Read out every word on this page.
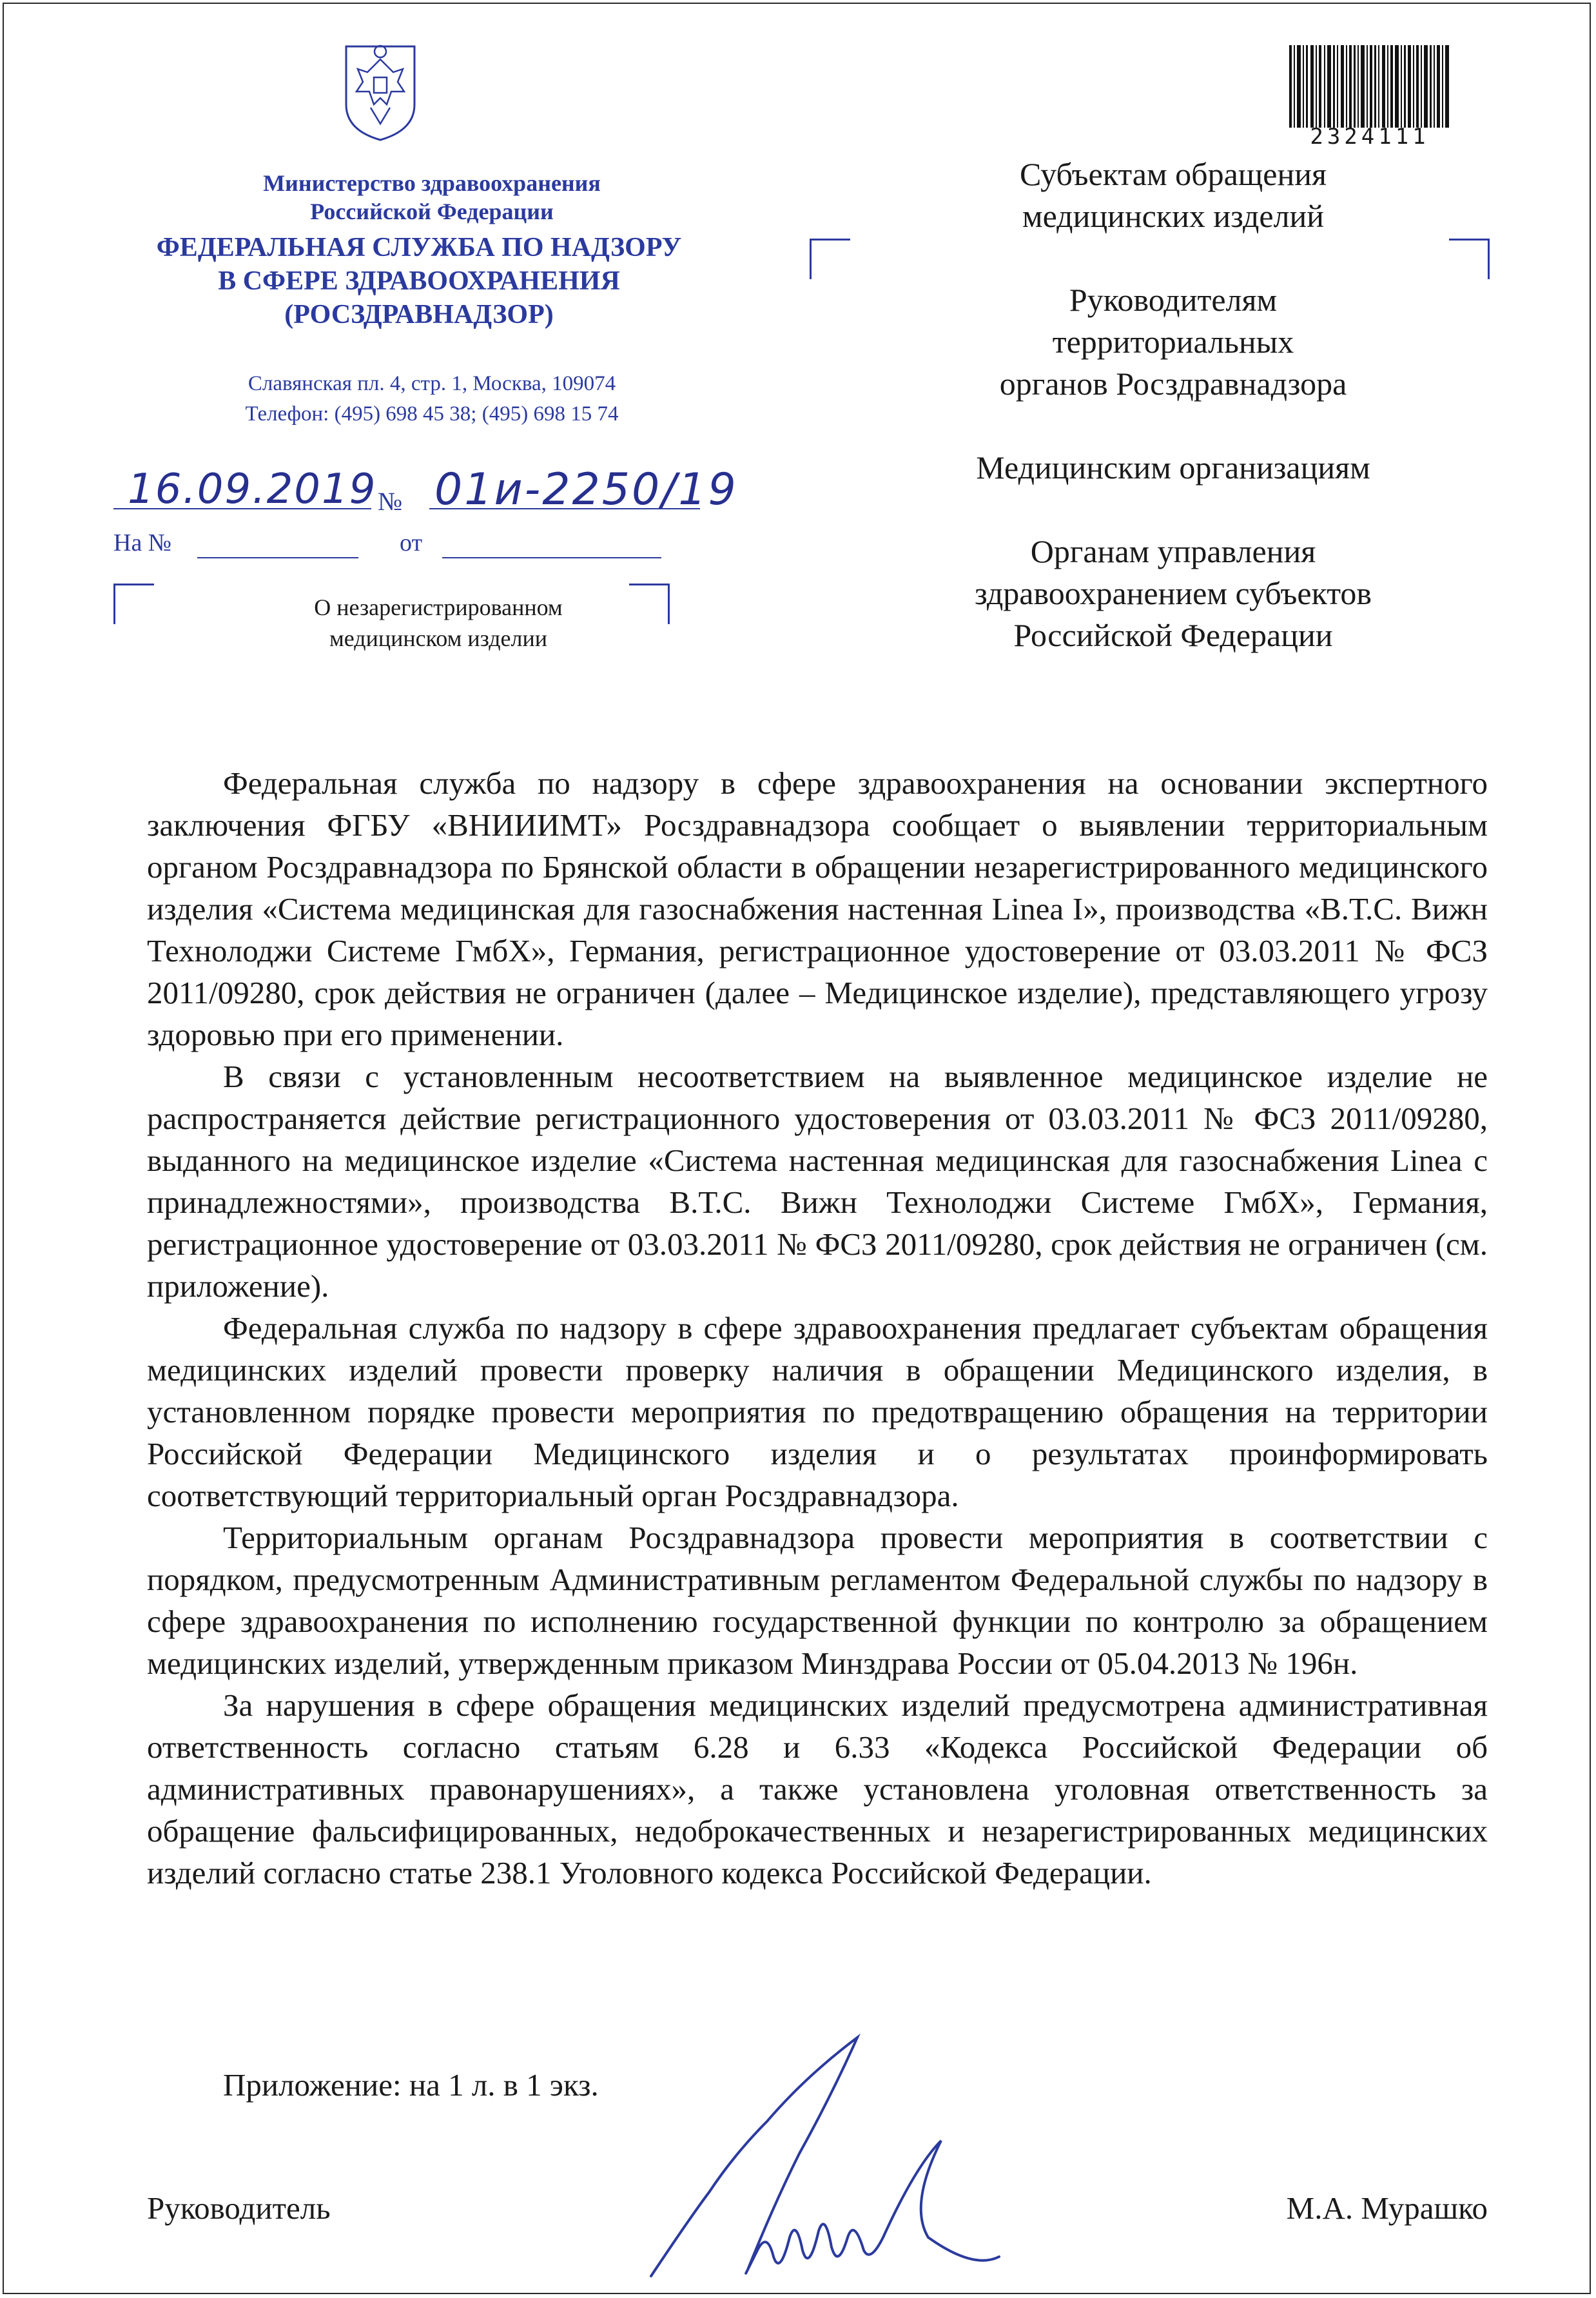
Министерство здравоохранения
Российской Федерации
ФЕДЕРАЛЬНАЯ СЛУЖБА ПО НАДЗОРУ
В СФЕРЕ ЗДРАВООХРАНЕНИЯ
(РОСЗДРАВНАДЗОР)
Славянская пл. 4, стр. 1, Москва, 109074
Телефон: (495) 698 45 38; (495) 698 15 74
16.09.2019 № 01и-2250/19
На №	от
О незарегистрированном
медицинском изделии
2324111
Субъектам обращения
медицинских изделий
Руководителям
территориальных
органов Росздравнадзора
Медицинским организациям
Органам управления
здравоохранением субъектов
Российской Федерации

Федеральная служба по надзору в сфере здравоохранения на основании экспертного заключения ФГБУ «ВНИИИМТ» Росздравнадзора сообщает о выявлении территориальным органом Росздравнадзора по Брянской области в обращении незарегистрированного медицинского изделия «Система медицинская для газоснабжения настенная Linea I», производства «В.Т.С. Вижн Технолоджи Системе ГмбХ», Германия, регистрационное удостоверение от 03.03.2011 № ФСЗ 2011/09280, срок действия не ограничен (далее – Медицинское изделие), представляющего угрозу здоровью при его применении.

В связи с установленным несоответствием на выявленное медицинское изделие не распространяется действие регистрационного удостоверения от 03.03.2011 № ФСЗ 2011/09280, выданного на медицинское изделие «Система настенная медицинская для газоснабжения Linea с принадлежностями», производства В.Т.С. Вижн Технолоджи Системе ГмбХ», Германия, регистрационное удостоверение от 03.03.2011 № ФСЗ 2011/09280, срок действия не ограничен (см. приложение).

Федеральная служба по надзору в сфере здравоохранения предлагает субъектам обращения медицинских изделий провести проверку наличия в обращении Медицинского изделия, в установленном порядке провести мероприятия по предотвращению обращения на территории Российской Федерации Медицинского изделия и о результатах проинформировать соответствующий территориальный орган Росздравнадзора.

Территориальным органам Росздравнадзора провести мероприятия в соответствии с порядком, предусмотренным Административным регламентом Федеральной службы по надзору в сфере здравоохранения по исполнению государственной функции по контролю за обращением медицинских изделий, утвержденным приказом Минздрава России от 05.04.2013 № 196н.

За нарушения в сфере обращения медицинских изделий предусмотрена административная ответственность согласно статьям 6.28 и 6.33 «Кодекса Российской Федерации об административных правонарушениях», а также установлена уголовная ответственность за обращение фальсифицированных, недоброкачественных и незарегистрированных медицинских изделий согласно статье 238.1 Уголовного кодекса Российской Федерации.

Приложение: на 1 л. в 1 экз.
Руководитель	М.А. Мурашко
